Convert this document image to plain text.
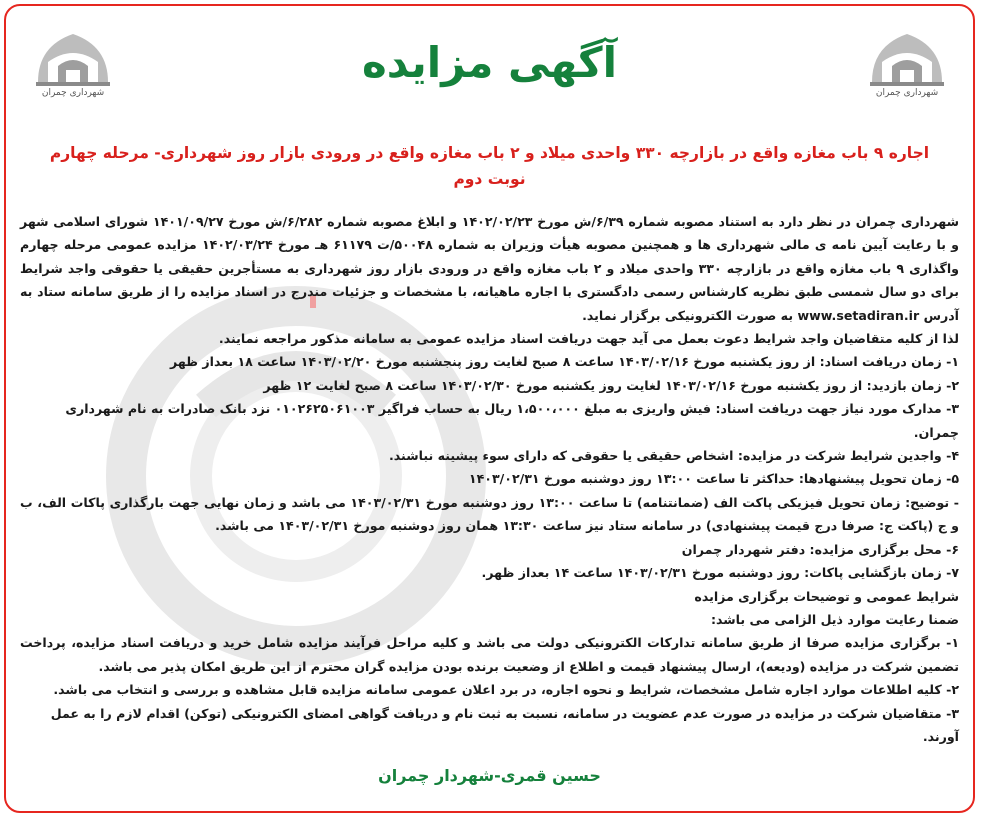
شهرداری چمران	شهرداری چمران
آگهی مزایده
اجاره ۹ باب مغازه واقع در بازارچه ۳۳۰ واحدی میلاد و ۲ باب مغازه واقع در ورودی بازار روز شهرداری- مرحله چهارم
نوبت دوم

شهرداری چمران در نظر دارد به استناد مصوبه شماره ۶/۳۹/ش مورخ ۱۴۰۲/۰۲/۲۳ و ابلاغ مصوبه شماره ۶/۲۸۲/ش مورخ ۱۴۰۱/۰۹/۲۷ شورای اسلامی شهر و با رعایت آیین نامه ی مالی شهرداری ها و همچنین مصوبه هیأت وزیران به شماره ۵۰۰۴۸/ت ۶۱۱۷۹ هـ مورخ ۱۴۰۲/۰۳/۲۴ مزایده عمومی مرحله چهارم واگذاری ۹ باب مغازه واقع در بازارچه ۳۳۰ واحدی میلاد و ۲ باب مغازه واقع در ورودی بازار روز شهرداری به مستأجرین حقیقی یا حقوقی واجد شرایط برای دو سال شمسی طبق نظریه کارشناس رسمی دادگستری با اجاره ماهیانه، با مشخصات و جزئیات مندرج در اسناد مزایده را از طریق سامانه ستاد به آدرس www.setadiran.ir به صورت الکترونیکی برگزار نماید.

لذا از کلیه متقاضیان واجد شرایط دعوت بعمل می آید جهت دریافت اسناد مزایده عمومی به سامانه مذکور مراجعه نمایند.

۱- زمان دریافت اسناد: از روز یکشنبه مورخ ۱۴۰۳/۰۲/۱۶ ساعت ۸ صبح لغایت روز پنجشنبه مورخ ۱۴۰۳/۰۲/۲۰ ساعت ۱۸ بعداز ظهر

۲- زمان بازدید: از روز یکشنبه مورخ ۱۴۰۳/۰۲/۱۶ لغایت روز یکشنبه مورخ ۱۴۰۳/۰۲/۳۰ ساعت ۸ صبح لغایت ۱۲ ظهر

۳- مدارک مورد نیاز جهت دریافت اسناد: فیش واریزی به مبلغ ۱،۵۰۰،۰۰۰ ریال به حساب فراگیر ۰۱۰۲۶۲۵۰۶۱۰۰۳ نزد بانک صادرات به نام شهرداری چمران.

۴- واجدین شرایط شرکت در مزایده: اشخاص حقیقی یا حقوقی که دارای سوء پیشینه نباشند.

۵- زمان تحویل پیشنهادها: حداکثر تا ساعت ۱۳:۰۰ روز دوشنبه مورخ ۱۴۰۳/۰۲/۳۱

- توضیح: زمان تحویل فیزیکی پاکت الف (ضمانتنامه) تا ساعت ۱۳:۰۰ روز دوشنبه مورخ ۱۴۰۳/۰۲/۳۱ می باشد و زمان نهایی جهت بارگذاری پاکات الف، ب و ج (پاکت ج: صرفا درج قیمت پیشنهادی) در سامانه ستاد نیز ساعت ۱۳:۳۰ همان روز دوشنبه مورخ ۱۴۰۳/۰۲/۳۱ می باشد.

۶- محل برگزاری مزایده: دفتر شهردار چمران

۷- زمان بازگشایی پاکات: روز دوشنبه مورخ ۱۴۰۳/۰۲/۳۱ ساعت ۱۴ بعداز ظهر.

شرایط عمومی و توضیحات برگزاری مزایده

ضمنا رعایت موارد ذیل الزامی می باشد:

۱- برگزاری مزایده صرفا از طریق سامانه تدارکات الکترونیکی دولت می باشد و کلیه مراحل فرآیند مزایده شامل خرید و دریافت اسناد مزایده، پرداخت تضمین شرکت در مزایده (ودیعه)، ارسال پیشنهاد قیمت و اطلاع از وضعیت برنده بودن مزایده گران محترم از این طریق امکان پذیر می باشد.

۲- کلیه اطلاعات موارد اجاره شامل مشخصات، شرایط و نحوه اجاره، در برد اعلان عمومی سامانه مزایده قابل مشاهده و بررسی و انتخاب می باشد.

۳- متقاضیان شرکت در مزایده در صورت عدم عضویت در سامانه، نسبت به ثبت نام و دریافت گواهی امضای الکترونیکی (توکن) اقدام لازم را به عمل آورند.

حسین قمری-شهردار چمران
